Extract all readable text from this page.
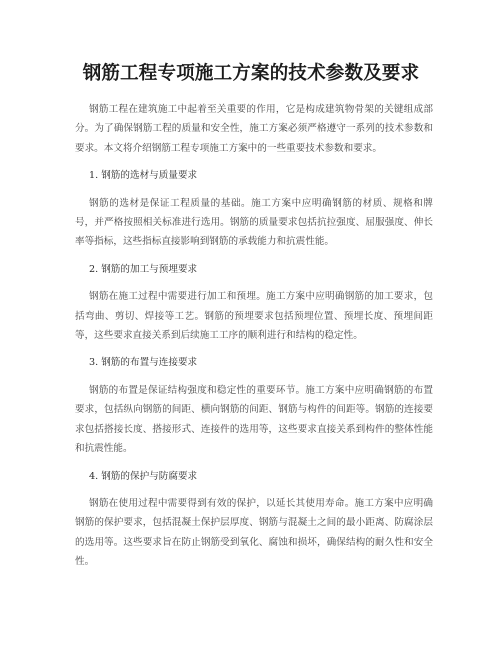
钢筋工程专项施工方案的技术参数及要求

钢筋工程在建筑施工中起着至关重要的作用，它是构成建筑物骨架的关键组成部分。为了确保钢筋工程的质量和安全性，施工方案必须严格遵守一系列的技术参数和要求。本文将介绍钢筋工程专项施工方案中的一些重要技术参数和要求。

1. 钢筋的选材与质量要求

钢筋的选材是保证工程质量的基础。施工方案中应明确钢筋的材质、规格和牌号，并严格按照相关标准进行选用。钢筋的质量要求包括抗拉强度、屈服强度、伸长率等指标，这些指标直接影响到钢筋的承载能力和抗震性能。

2. 钢筋的加工与预埋要求

钢筋在施工过程中需要进行加工和预埋。施工方案中应明确钢筋的加工要求，包括弯曲、剪切、焊接等工艺。钢筋的预埋要求包括预埋位置、预埋长度、预埋间距等，这些要求直接关系到后续施工工序的顺利进行和结构的稳定性。

3. 钢筋的布置与连接要求

钢筋的布置是保证结构强度和稳定性的重要环节。施工方案中应明确钢筋的布置要求，包括纵向钢筋的间距、横向钢筋的间距、钢筋与构件的间距等。钢筋的连接要求包括搭接长度、搭接形式、连接件的选用等，这些要求直接关系到构件的整体性能和抗震性能。

4. 钢筋的保护与防腐要求

钢筋在使用过程中需要得到有效的保护，以延长其使用寿命。施工方案中应明确钢筋的保护要求，包括混凝土保护层厚度、钢筋与混凝土之间的最小距离、防腐涂层的选用等。这些要求旨在防止钢筋受到氧化、腐蚀和损坏，确保结构的耐久性和安全性。
